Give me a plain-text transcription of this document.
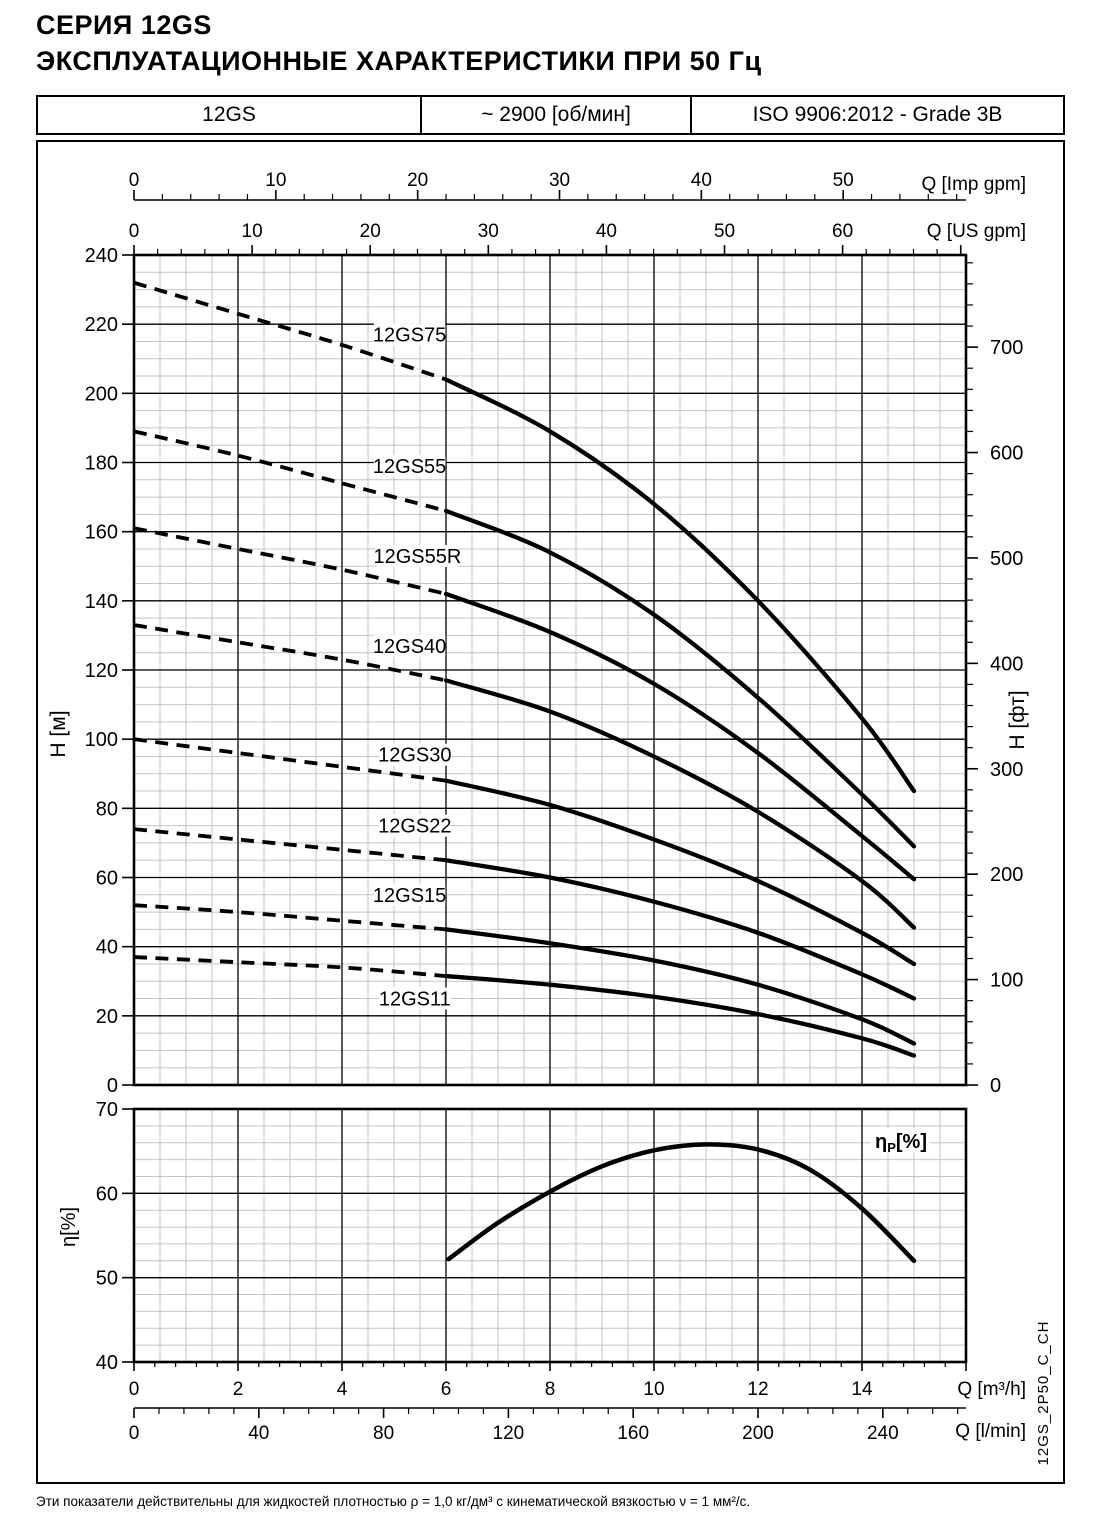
СЕРИЯ 12GS
ЭКСПЛУАТАЦИОННЫЕ ХАРАКТЕРИСТИКИ ПРИ 50 Гц
12GS	~ 2900 [об/мин]	ISO 9906:2012 - Grade 3B
0	10	20	30	40	50	Q [Imp gpm]
0	10	20	30	40	50	60	Q [US gpm]
0
20
40
60
80
100
120
140
160
180
200
220
240
H [м]
0
100
200
300
400
500
600
700
H [фт]
12GS75
12GS55
12GS55R
12GS40
12GS30
12GS22
12GS15
12GS11
40
50
60
70
η[%]
0	2	4	6	8	10	12	14	Q [m³/h]
0	40	80	120	160	200	240	Q [l/min]
$\eta_P[\%]$
12GS_2P50_C_CH
Эти показатели действительны для жидкостей плотностью ρ = 1,0 кг/дм³ с кинематической вязкостью ν = 1 мм²/с.
